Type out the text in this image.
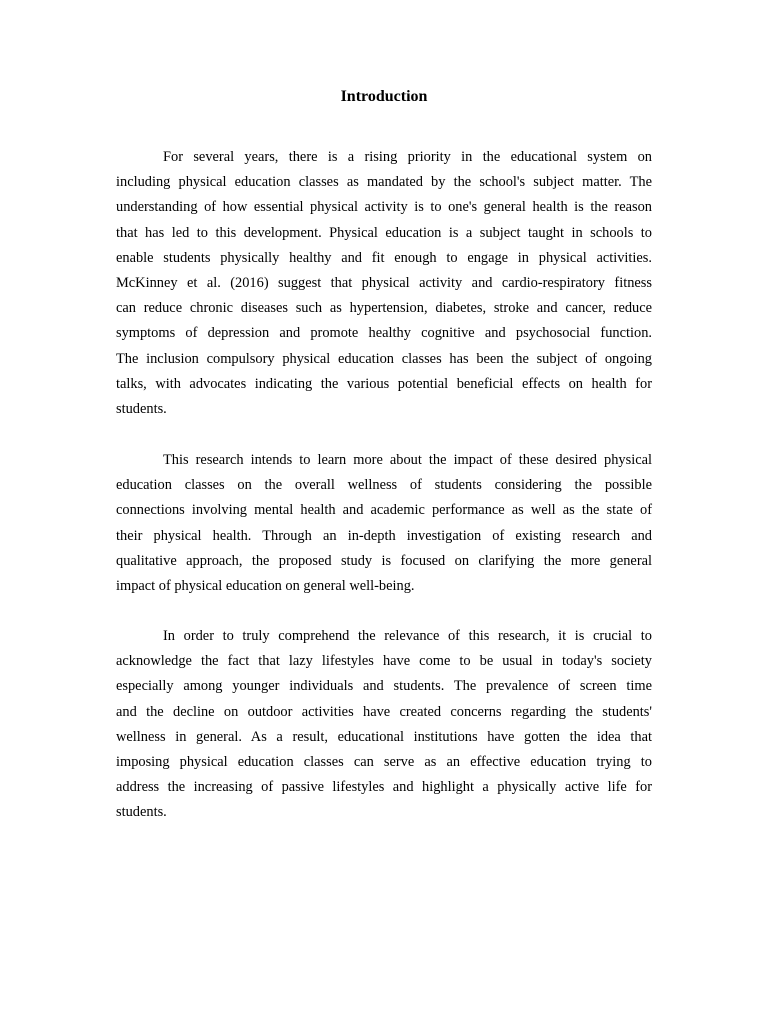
Introduction
For several years, there is a rising priority in the educational system on
including physical education classes as mandated by the school's subject matter. The
understanding of how essential physical activity is to one's general health is the reason
that has led to this development. Physical education is a subject taught in schools to
enable students physically healthy and fit enough to engage in physical activities.
McKinney et al. (2016) suggest that physical activity and cardio-respiratory fitness
can reduce chronic diseases such as hypertension, diabetes, stroke and cancer, reduce
symptoms of depression and promote healthy cognitive and psychosocial function.
The inclusion compulsory physical education classes has been the subject of ongoing
talks, with advocates indicating the various potential beneficial effects on health for
students.
This research intends to learn more about the impact of these desired physical
education classes on the overall wellness of students considering the possible
connections involving mental health and academic performance as well as the state of
their physical health. Through an in-depth investigation of existing research and
qualitative approach, the proposed study is focused on clarifying the more general
impact of physical education on general well-being.
In order to truly comprehend the relevance of this research, it is crucial to
acknowledge the fact that lazy lifestyles have come to be usual in today's society
especially among younger individuals and students. The prevalence of screen time
and the decline on outdoor activities have created concerns regarding the students'
wellness in general. As a result, educational institutions have gotten the idea that
imposing physical education classes can serve as an effective education trying to
address the increasing of passive lifestyles and highlight a physically active life for
students.
